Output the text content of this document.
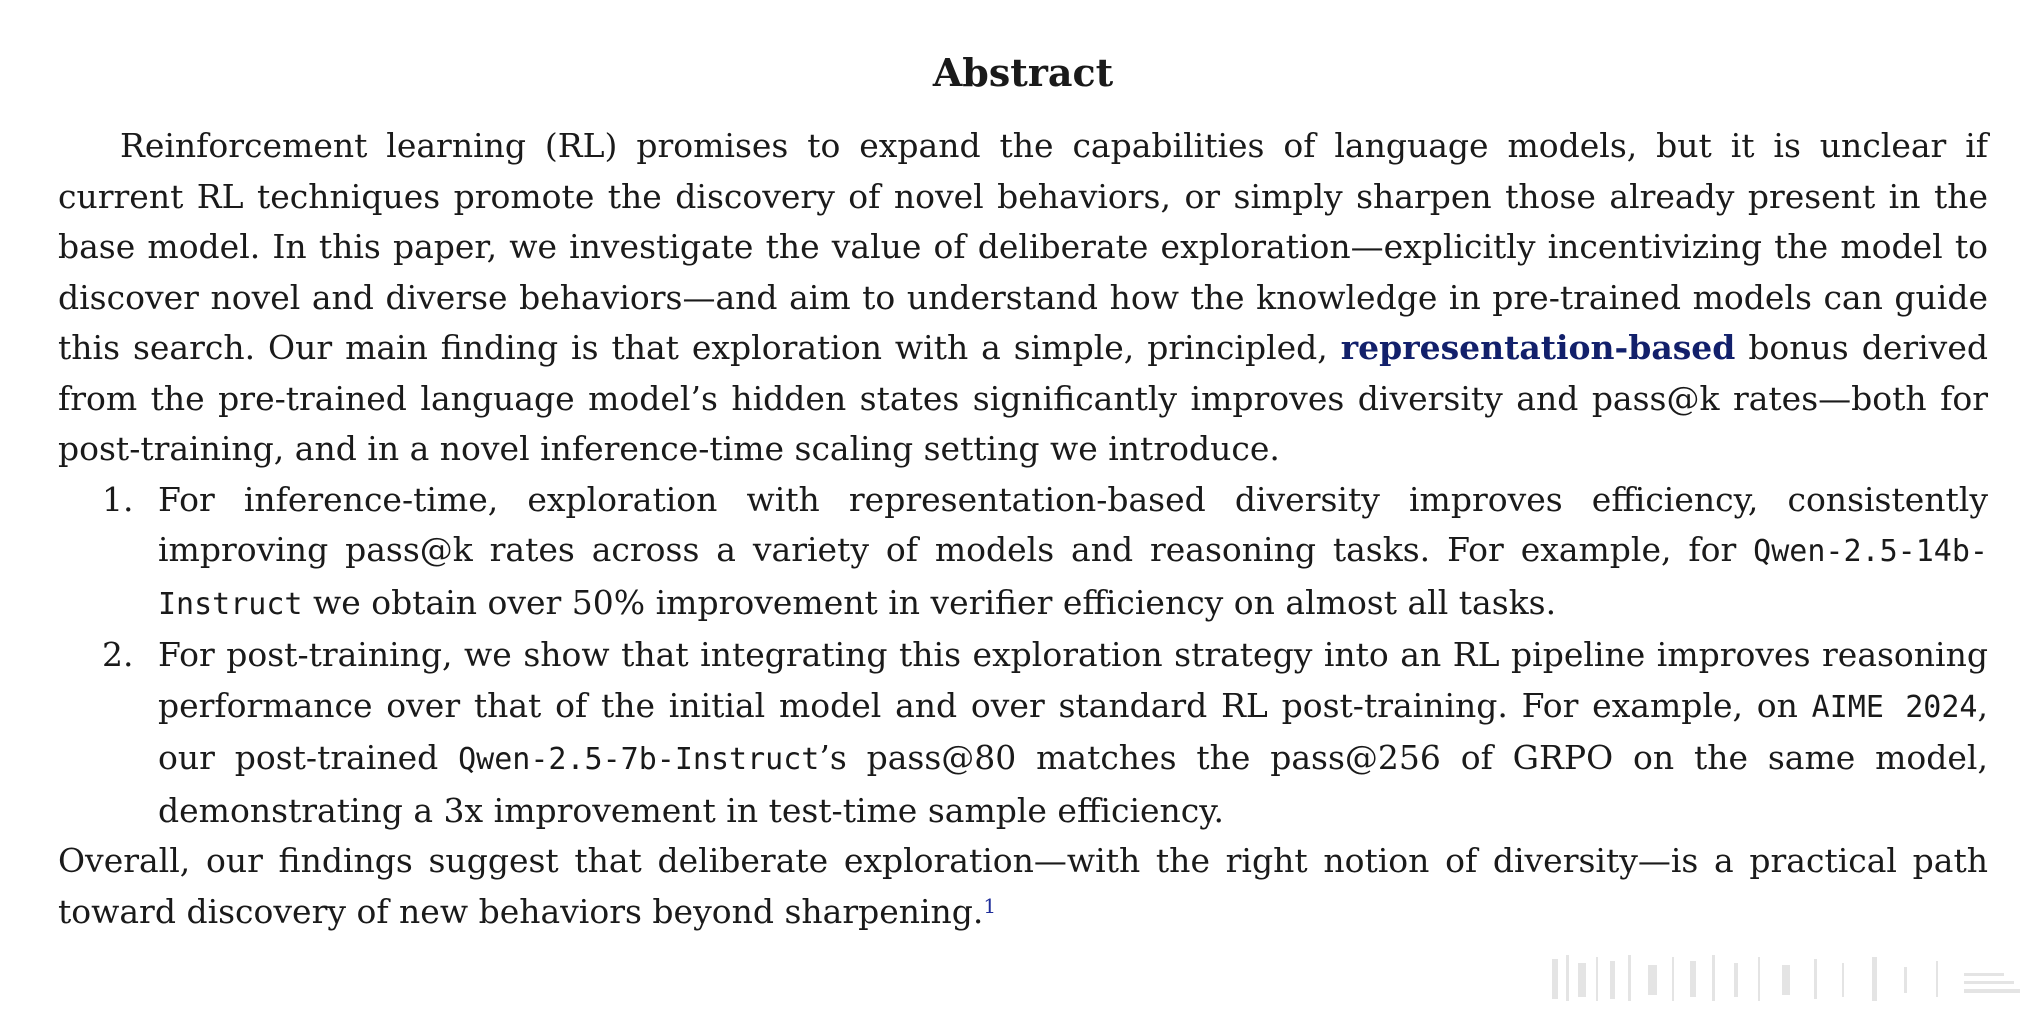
Abstract

Reinforcement learning (RL) promises to expand the capabilities of language models, but it is unclear if current RL techniques promote the discovery of novel behaviors, or simply sharpen those already present in the base model. In this paper, we investigate the value of deliberate exploration—explicitly incentivizing the model to discover novel and diverse behaviors—and aim to understand how the knowledge in pre-trained models can guide this search. Our main finding is that exploration with a simple, principled, representation-based bonus derived from the pre-trained language model’s hidden states significantly improves diversity and pass@k rates—both for post-training, and in a novel inference-time scaling setting we introduce.

1. For inference-time, exploration with representation-based diversity improves efficiency, consistently improving pass@k rates across a variety of models and reasoning tasks. For example, for Qwen-2.5-14b-Instruct we obtain over 50% improvement in verifier efficiency on almost all tasks.
2. For post-training, we show that integrating this exploration strategy into an RL pipeline improves reasoning performance over that of the initial model and over standard RL post-training. For example, on AIME 2024, our post-trained Qwen-2.5-7b-Instruct’s pass@80 matches the pass@256 of GRPO on the same model, demonstrating a 3x improvement in test-time sample efficiency.

Overall, our findings suggest that deliberate exploration—with the right notion of diversity—is a practical path toward discovery of new behaviors beyond sharpening.$^1$
